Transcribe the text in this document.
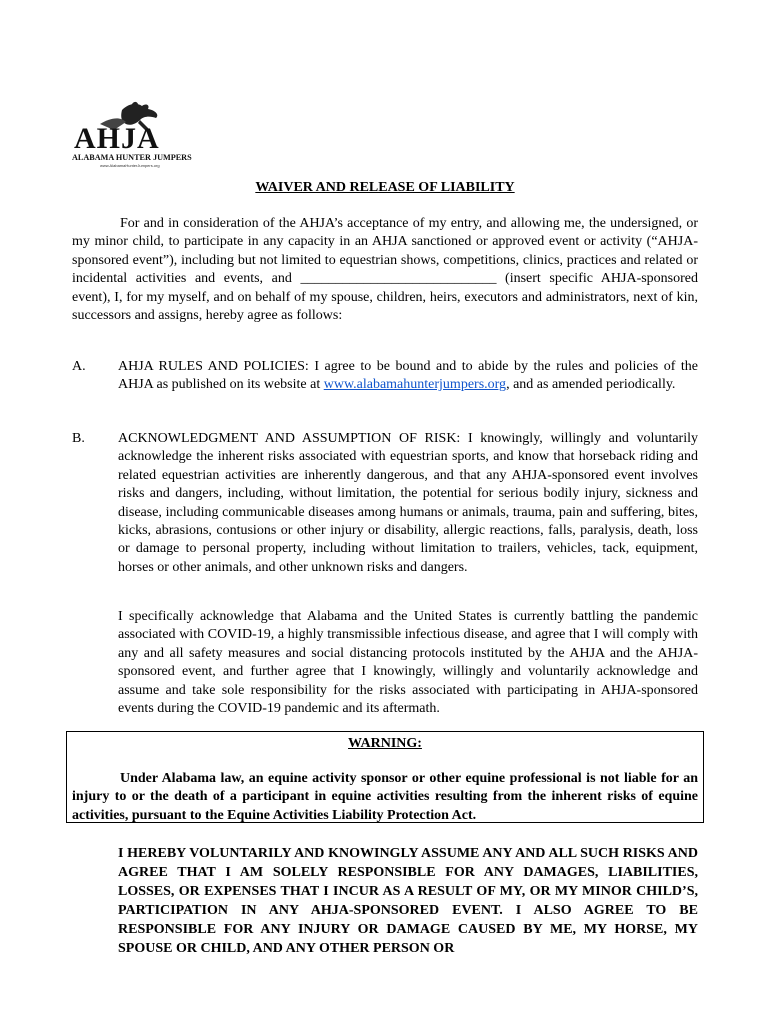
AHJA
ALABAMA HUNTER JUMPERS
www.AlabamaHunterJumpers.org
WAIVER AND RELEASE OF LIABILITY

For and in consideration of the AHJA’s acceptance of my entry, and allowing me, the undersigned, or my minor child, to participate in any capacity in an AHJA sanctioned or approved event or activity (“AHJA-sponsored event”), including but not limited to equestrian shows, competitions, clinics, practices and related or incidental activities and events, and ____________________________ (insert specific AHJA-sponsored event), I, for my myself, and on behalf of my spouse, children, heirs, executors and administrators, next of kin, successors and assigns, hereby agree as follows:

A. AHJA RULES AND POLICIES: I agree to be bound and to abide by the rules and policies of the AHJA as published on its website at www.alabamahunterjumpers.org, and as amended periodically.

B. ACKNOWLEDGMENT AND ASSUMPTION OF RISK: I knowingly, willingly and voluntarily acknowledge the inherent risks associated with equestrian sports, and know that horseback riding and related equestrian activities are inherently dangerous, and that any AHJA-sponsored event involves risks and dangers, including, without limitation, the potential for serious bodily injury, sickness and disease, including communicable diseases among humans or animals, trauma, pain and suffering, bites, kicks, abrasions, contusions or other injury or disability, allergic reactions, falls, paralysis, death, loss or damage to personal property, including without limitation to trailers, vehicles, tack, equipment, horses or other animals, and other unknown risks and dangers.

I specifically acknowledge that Alabama and the United States is currently battling the pandemic associated with COVID-19, a highly transmissible infectious disease, and agree that I will comply with any and all safety measures and social distancing protocols instituted by the AHJA and the AHJA-sponsored event, and further agree that I knowingly, willingly and voluntarily acknowledge and assume and take sole responsibility for the risks associated with participating in AHJA-sponsored events during the COVID-19 pandemic and its aftermath.

WARNING:

Under Alabama law, an equine activity sponsor or other equine professional is not liable for an injury to or the death of a participant in equine activities resulting from the inherent risks of equine activities, pursuant to the Equine Activities Liability Protection Act.

I HEREBY VOLUNTARILY AND KNOWINGLY ASSUME ANY AND ALL SUCH RISKS AND AGREE THAT I AM SOLELY RESPONSIBLE FOR ANY DAMAGES, LIABILITIES, LOSSES, OR EXPENSES THAT I INCUR AS A RESULT OF MY, OR MY MINOR CHILD’S, PARTICIPATION IN ANY AHJA-SPONSORED EVENT. I ALSO AGREE TO BE RESPONSIBLE FOR ANY INJURY OR DAMAGE CAUSED BY ME, MY HORSE, MY SPOUSE OR CHILD, AND ANY OTHER PERSON OR
